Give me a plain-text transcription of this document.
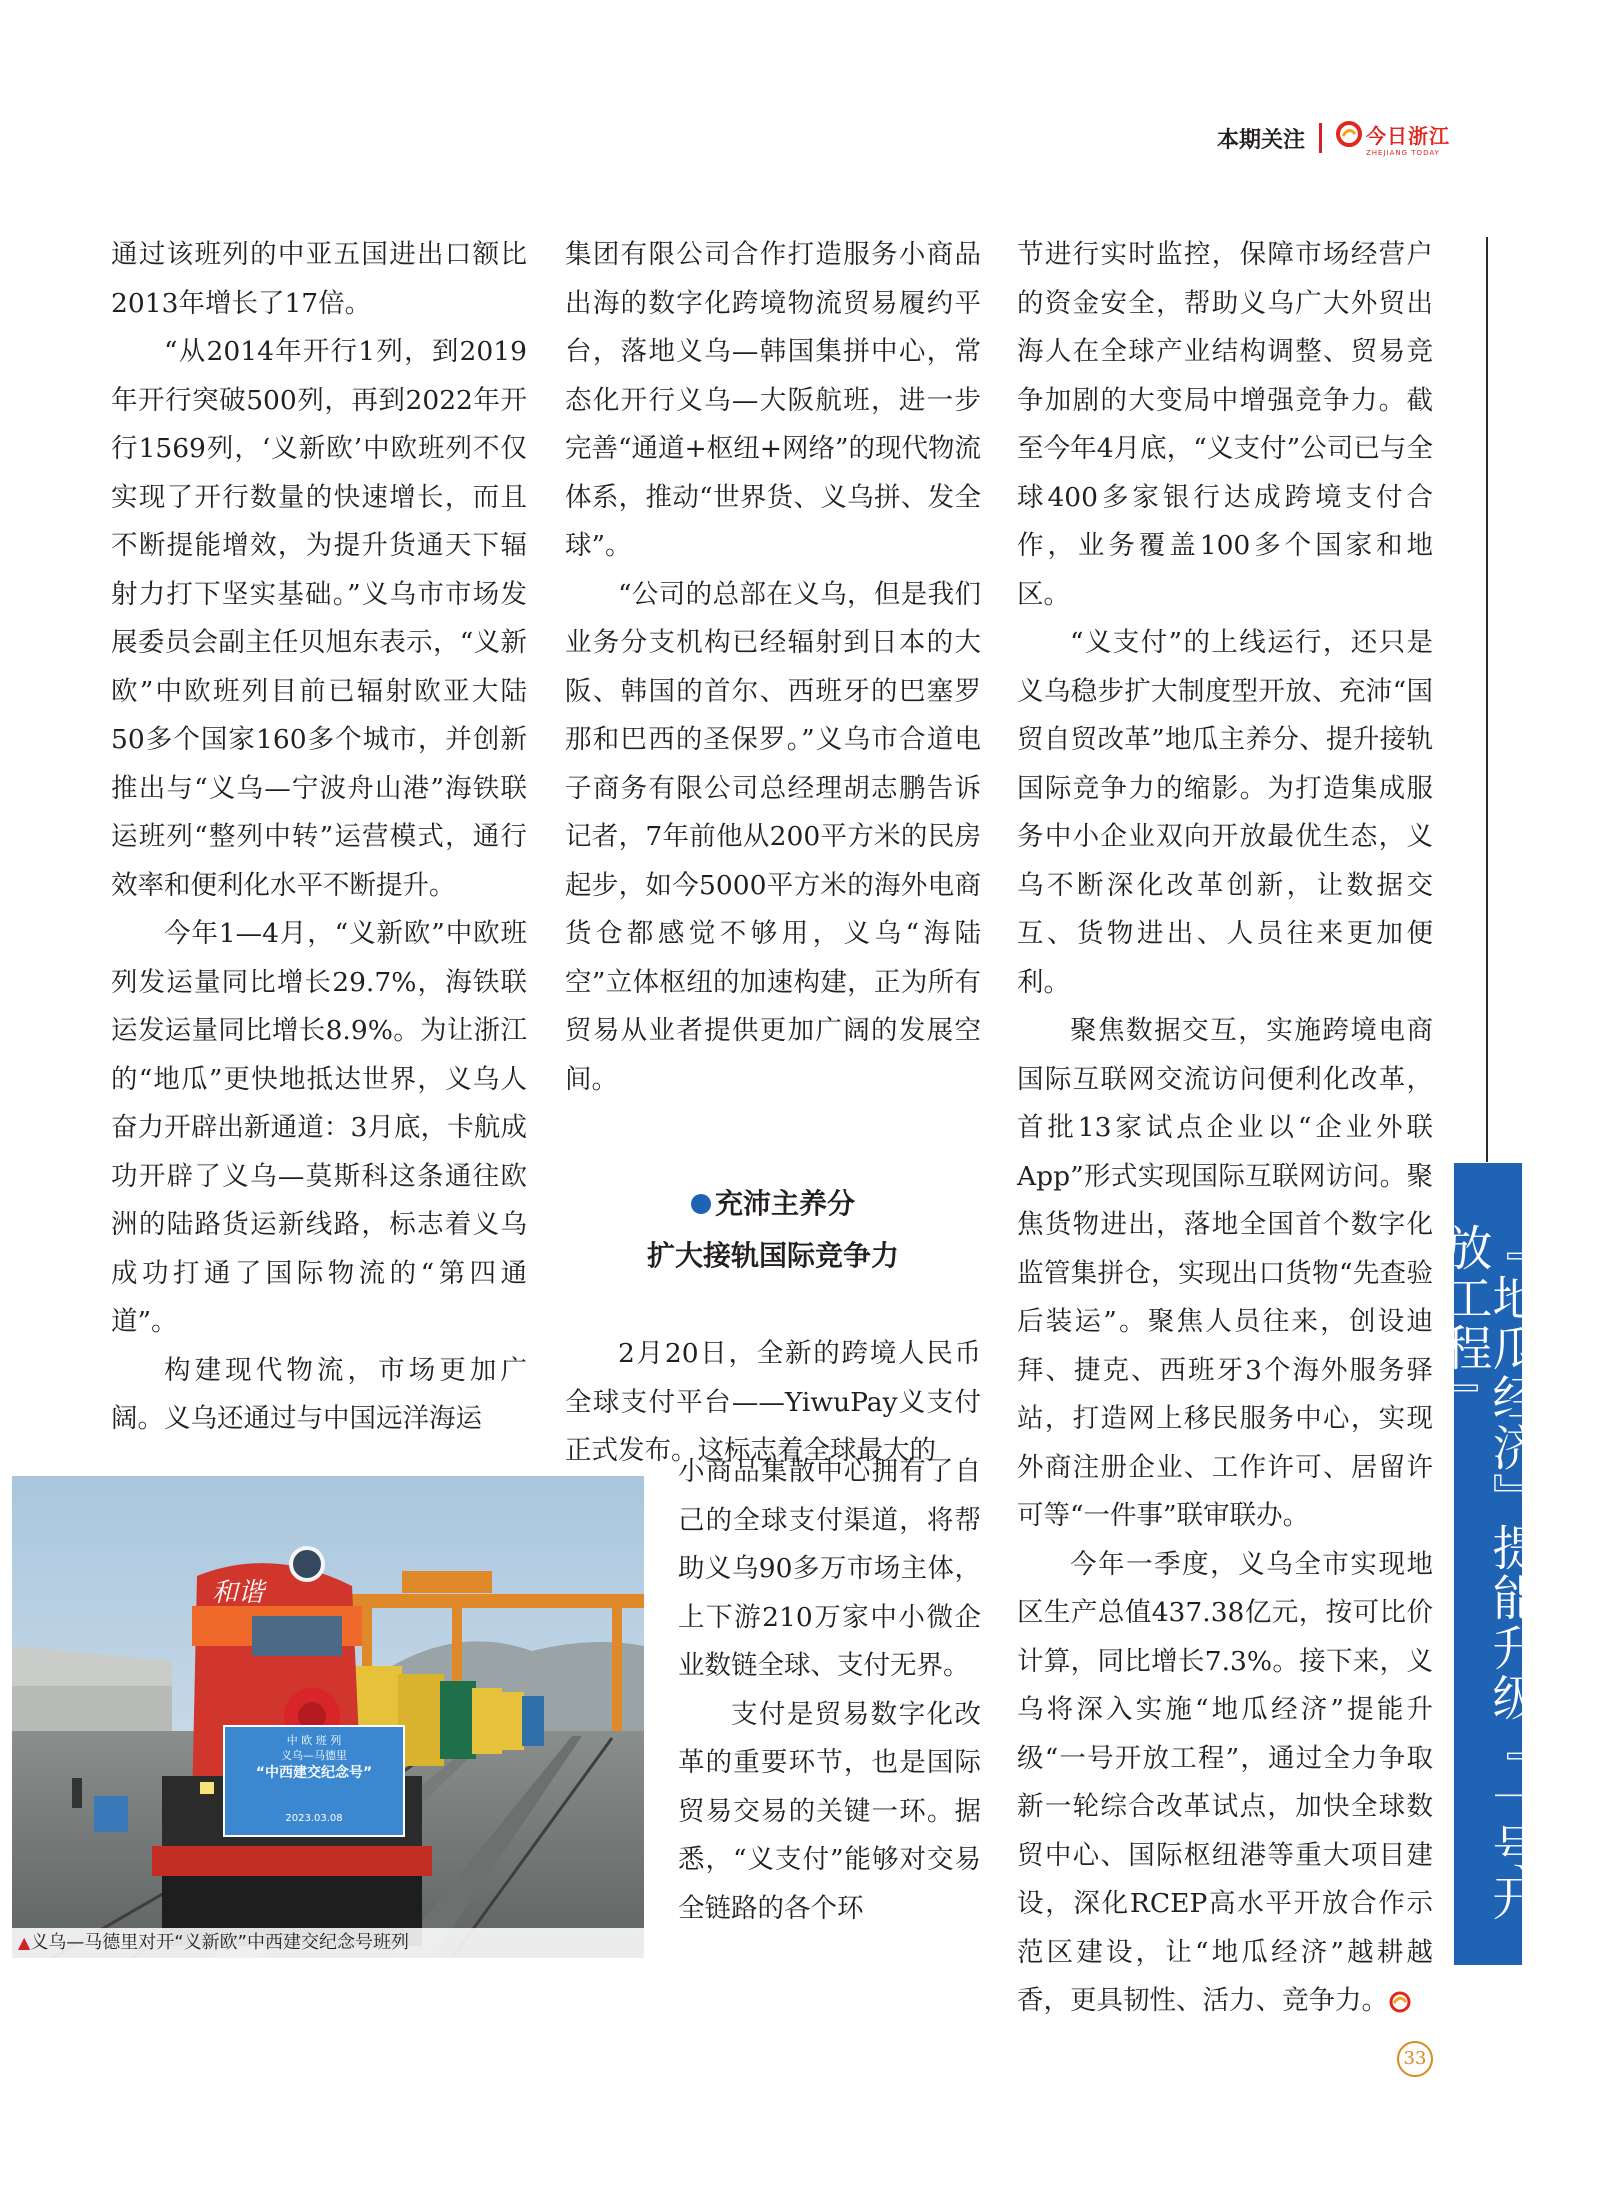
本期关注	今日浙江
ZHEJIANG TODAY

通过该班列的中亚五国进出口额比2013年增长了17倍。

“从2014年开行1列，到2019年开行突破500列，再到2022年开行1569列，‘义新欧’中欧班列不仅实现了开行数量的快速增长，而且不断提能增效，为提升货通天下辐射力打下坚实基础。”义乌市市场发展委员会副主任贝旭东表示，“义新欧”中欧班列目前已辐射欧亚大陆50多个国家160多个城市，并创新推出与“义乌—宁波舟山港”海铁联运班列“整列中转”运营模式，通行效率和便利化水平不断提升。

今年1—4月，“义新欧”中欧班列发运量同比增长29.7%，海铁联运发运量同比增长8.9%。为让浙江的“地瓜”更快地抵达世界，义乌人奋力开辟出新通道：3月底，卡航成功开辟了义乌—莫斯科这条通往欧洲的陆路货运新线路，标志着义乌成功打通了国际物流的“第四通道”。

构建现代物流，市场更加广阔。义乌还通过与中国远洋海运

集团有限公司合作打造服务小商品出海的数字化跨境物流贸易履约平台，落地义乌—韩国集拼中心，常态化开行义乌—大阪航班，进一步完善“通道+枢纽+网络”的现代物流体系，推动“世界货、义乌拼、发全球”。

“公司的总部在义乌，但是我们业务分支机构已经辐射到日本的大阪、韩国的首尔、西班牙的巴塞罗那和巴西的圣保罗。”义乌市合道电子商务有限公司总经理胡志鹏告诉记者，7年前他从200平方米的民房起步，如今5000平方米的海外电商货仓都感觉不够用，义乌“海陆空”立体枢纽的加速构建，正为所有贸易从业者提供更加广阔的发展空间。

充沛主养分
扩大接轨国际竞争力

2月20日，全新的跨境人民币全球支付平台——YiwuPay义支付正式发布。这标志着全球最大的

小商品集散中心拥有了自己的全球支付渠道，将帮助义乌90多万市场主体，上下游210万家中小微企业数链全球、支付无界。

支付是贸易数字化改革的重要环节，也是国际贸易交易的关键一环。据悉，“义支付”能够对交易全链路的各个环

节进行实时监控，保障市场经营户的资金安全，帮助义乌广大外贸出海人在全球产业结构调整、贸易竞争加剧的大变局中增强竞争力。截至今年4月底，“义支付”公司已与全球400多家银行达成跨境支付合作，业务覆盖100多个国家和地区。

“义支付”的上线运行，还只是义乌稳步扩大制度型开放、充沛“国贸自贸改革”地瓜主养分、提升接轨国际竞争力的缩影。为打造集成服务中小企业双向开放最优生态，义乌不断深化改革创新，让数据交互、货物进出、人员往来更加便利。

聚焦数据交互，实施跨境电商国际互联网交流访问便利化改革，首批13家试点企业以“企业外联App”形式实现国际互联网访问。聚焦货物进出，落地全国首个数字化监管集拼仓，实现出口货物“先查验后装运”。聚焦人员往来，创设迪拜、捷克、西班牙3个海外服务驿站，打造网上移民服务中心，实现外商注册企业、工作许可、居留许可等“一件事”联审联办。

今年一季度，义乌全市实现地区生产总值437.38亿元，按可比价计算，同比增长7.3%。接下来，义乌将深入实施“地瓜经济”提能升级“一号开放工程”，通过全力争取新一轮综合改革试点，加快全球数贸中心、国际枢纽港等重大项目建设，深化RCEP高水平开放合作示范区建设，让“地瓜经济”越耕越香，更具韧性、活力、竞争力。

和谐
中 欧 班 列
义乌—马德里
“中西建交纪念号”
2023.03.08
▲义乌—马德里对开“义新欧”中西建交纪念号班列
『地瓜经济』提能升级『一号开放工程』
33
